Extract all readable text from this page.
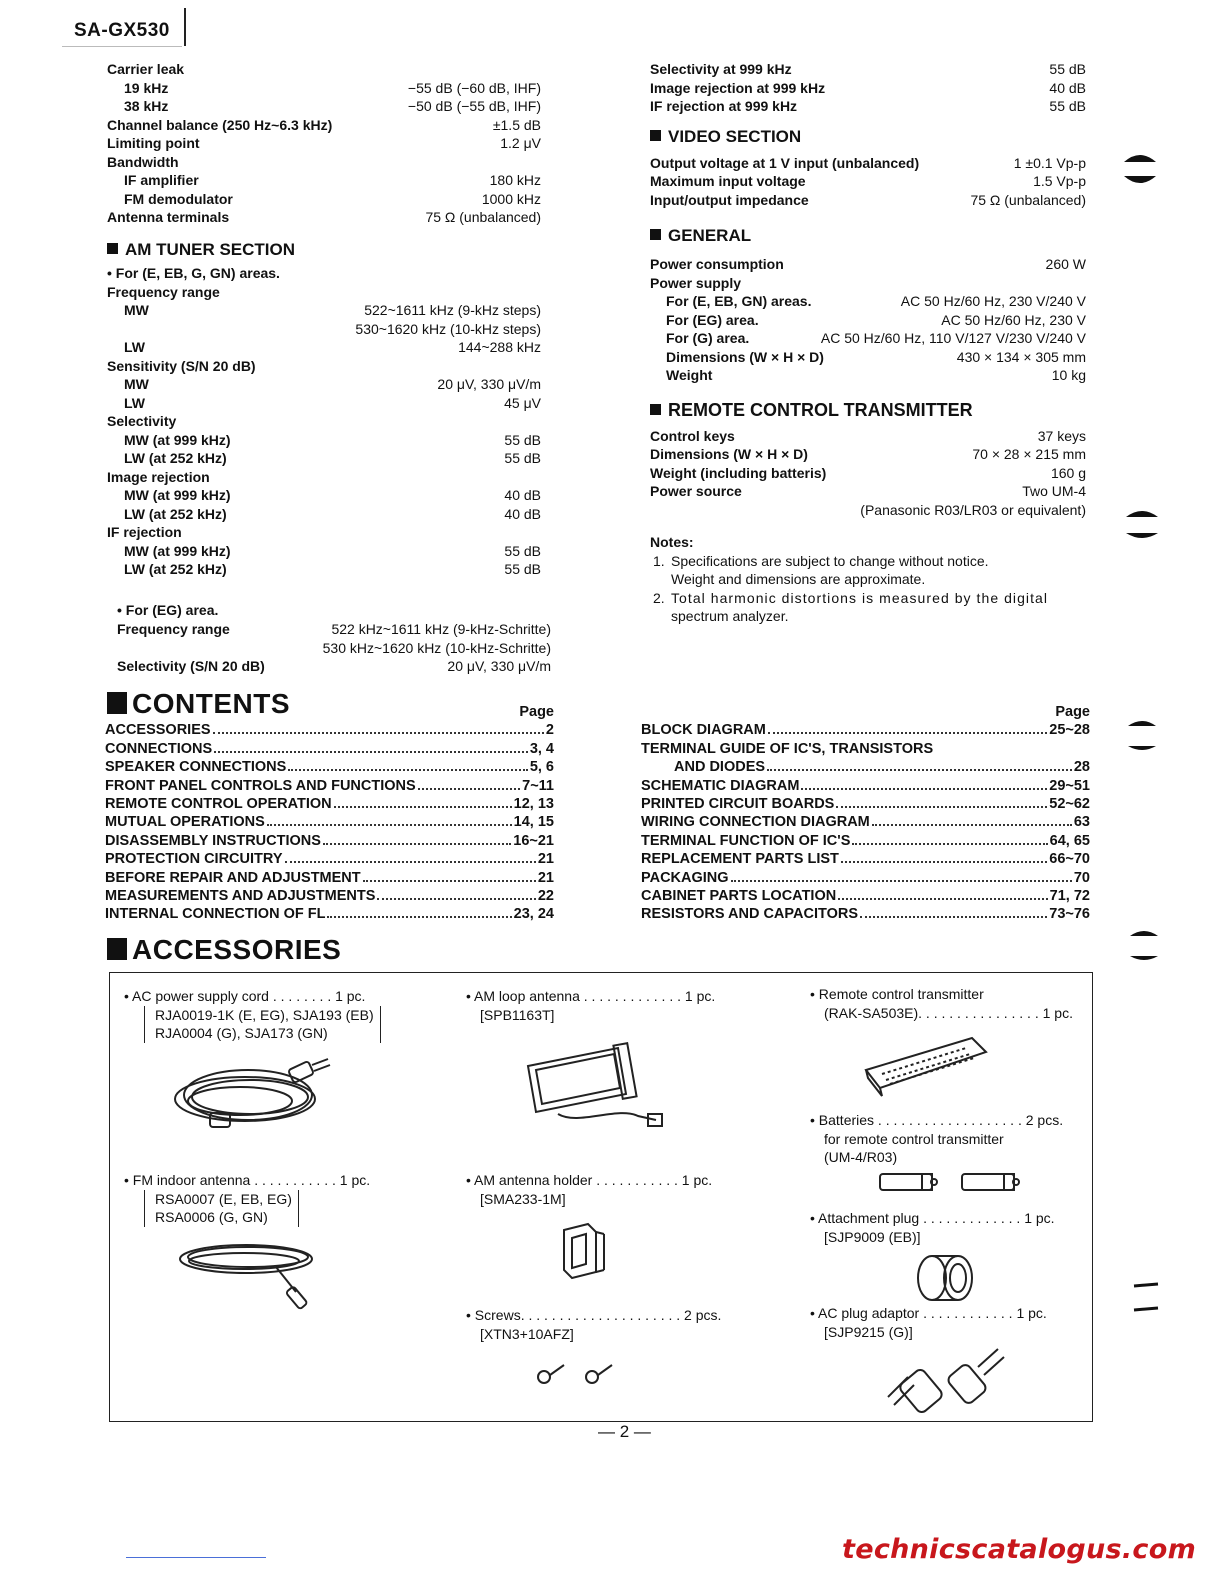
SA-GX530
Carrier leak
19 kHz	−55 dB (−60 dB, IHF)
38 kHz	−50 dB (−55 dB, IHF)
Channel balance (250 Hz~6.3 kHz)	±1.5 dB
Limiting point	1.2 μV
Bandwidth
IF amplifier	180 kHz
FM demodulator	1000 kHz
Antenna terminals	75 Ω (unbalanced)
AM TUNER SECTION
• For (E, EB, G, GN) areas.
Frequency range
MW	522~1611 kHz (9-kHz steps)
530~1620 kHz (10-kHz steps)
LW	144~288 kHz
Sensitivity (S/N 20 dB)
MW	20 μV, 330 μV/m
LW	45 μV
Selectivity
MW (at 999 kHz)	55 dB
LW (at 252 kHz)	55 dB
Image rejection
MW (at 999 kHz)	40 dB
LW (at 252 kHz)	40 dB
IF rejection
MW (at 999 kHz)	55 dB
LW (at 252 kHz)	55 dB
• For (EG) area.
Frequency range	522 kHz~1611 kHz (9-kHz-Schritte)
530 kHz~1620 kHz (10-kHz-Schritte)
Selectivity (S/N 20 dB)	20 μV, 330 μV/m
Selectivity at 999 kHz	55 dB
Image rejection at 999 kHz	40 dB
IF rejection at 999 kHz	55 dB
VIDEO SECTION
Output voltage at 1 V input (unbalanced)	1 ±0.1 Vp-p
Maximum input voltage	1.5 Vp-p
Input/output impedance	75 Ω (unbalanced)
GENERAL
Power consumption	260 W
Power supply
For (E, EB, GN) areas.	AC 50 Hz/60 Hz, 230 V/240 V
For (EG) area.	AC 50 Hz/60 Hz, 230 V
For (G) area.	AC 50 Hz/60 Hz, 110 V/127 V/230 V/240 V
Dimensions (W × H × D)	430 × 134 × 305 mm
Weight	10 kg
REMOTE CONTROL TRANSMITTER
Control keys	37 keys
Dimensions (W × H × D)	70 × 28 × 215 mm
Weight (including batteris)	160 g
Power source	Two UM-4
(Panasonic R03/LR03 or equivalent)
Notes:
1. Specifications are subject to change without notice.
Weight and dimensions are approximate.
2. Total harmonic distortions is measured by the digital
spectrum analyzer.
CONTENTS	Page
ACCESSORIES	2
CONNECTIONS	3, 4
SPEAKER CONNECTIONS	5, 6
FRONT PANEL CONTROLS AND FUNCTIONS	7~11
REMOTE CONTROL OPERATION	12, 13
MUTUAL OPERATIONS	14, 15
DISASSEMBLY INSTRUCTIONS	16~21
PROTECTION CIRCUITRY	21
BEFORE REPAIR AND ADJUSTMENT	21
MEASUREMENTS AND ADJUSTMENTS	22
INTERNAL CONNECTION OF FL	23, 24
Page
BLOCK DIAGRAM	25~28
TERMINAL GUIDE OF IC'S, TRANSISTORS
AND DIODES	28
SCHEMATIC DIAGRAM	29~51
PRINTED CIRCUIT BOARDS	52~62
WIRING CONNECTION DIAGRAM	63
TERMINAL FUNCTION OF IC'S	64, 65
REPLACEMENT PARTS LIST	66~70
PACKAGING	70
CABINET PARTS LOCATION	71, 72
RESISTORS AND CAPACITORS	73~76
ACCESSORIES
• AC power supply cord . . . . . . . . 1 pc.
RJA0019-1K (E, EG), SJA193 (EB)
RJA0004 (G), SJA173 (GN)
• FM indoor antenna . . . . . . . . . . . 1 pc.
RSA0007 (E, EB, EG)
RSA0006 (G, GN)
• AM loop antenna . . . . . . . . . . . . . 1 pc.
[SPB1163T]
• AM antenna holder . . . . . . . . . . . 1 pc.
[SMA233-1M]
• Screws. . . . . . . . . . . . . . . . . . . . . 2 pcs.
[XTN3+10AFZ]
• Remote control transmitter
(RAK-SA503E). . . . . . . . . . . . . . . . 1 pc.
• Batteries . . . . . . . . . . . . . . . . . . . 2 pcs.
for remote control transmitter
(UM-4/R03)
• Attachment plug . . . . . . . . . . . . . 1 pc.
[SJP9009 (EB)]
• AC plug adaptor . . . . . . . . . . . . 1 pc.
[SJP9215 (G)]
— 2 —
technicscatalogus.com
